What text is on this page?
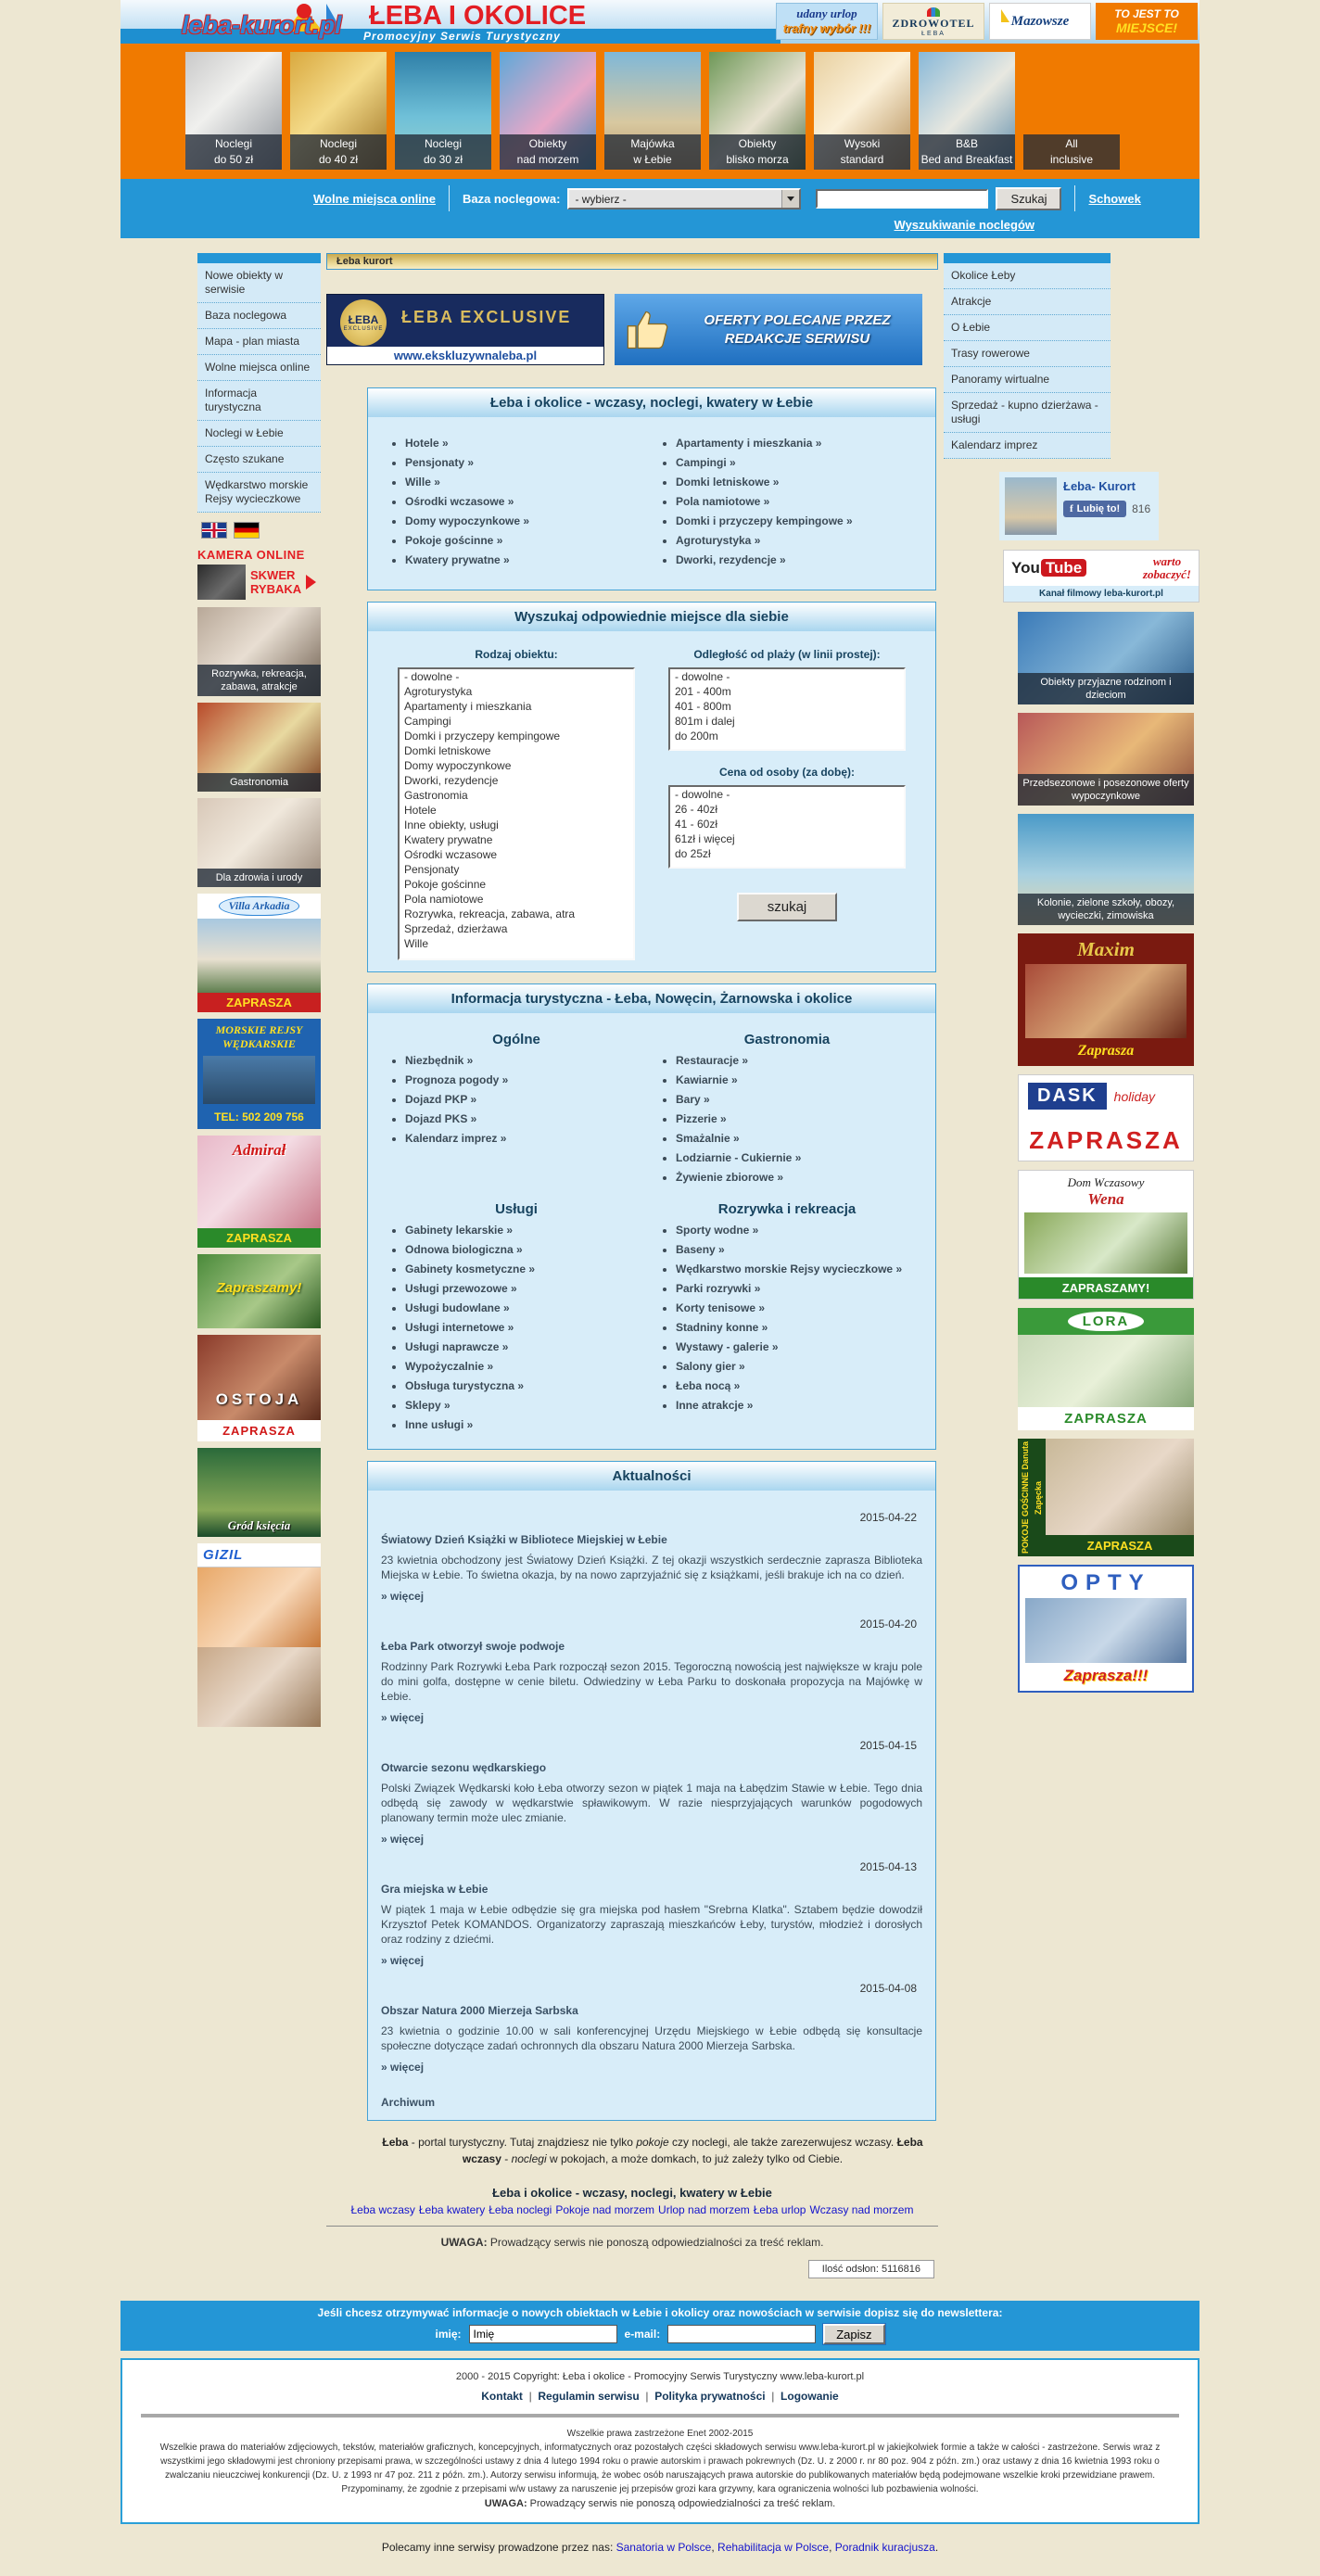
leba-kurort.pl ŁEBA I OKOLICE
Promocyjny Serwis Turystyczny
udany urlop
trafny wybór !!!	ZDROWOTEL
ŁEBA
Mazowsze	TO JEST TO
MIEJSCE!
Noclegi
do 50 zł
Noclegi
do 40 zł
Noclegi
do 30 zł
Obiekty
nad morzem
Majówka
w Łebie
Obiekty
blisko morza
Wysoki
standard
B&B
Bed and Breakfast
All
inclusive
Wolne miejsca online Baza noclegowa:	- wybierz -	Szukaj	Schowek
Wyszukiwanie noclegów
Nowe obiekty w serwisie
Baza noclegowa
Mapa - plan miasta
Wolne miejsca online
Informacja turystyczna
Noclegi w Łebie
Często szukane
Wędkarstwo morskie Rejsy wycieczkowe
KAMERA ONLINE
SKWER
RYBAKA
Rozrywka, rekreacja, zabawa, atrakcje
Gastronomia
Dla zdrowia i urody
Villa Arkadia
ZAPRASZA
MORSKIE REJSY
WĘDKARSKIE
TEL: 502 209 756
Admirał
ZAPRASZA
Zapraszamy!
OSTOJA
ZAPRASZA
Gród księcia
GIZIL
Łeba kurort
ŁEBA
EXCLUSIVE
ŁEBA EXCLUSIVE
www.ekskluzywnaleba.pl
OFERTY POLECANE PRZEZ
REDAKCJE SERWISU
Łeba i okolice - wczasy, noclegi, kwatery w Łebie
• Hotele »
• Pensjonaty »
• Wille »
• Ośrodki wczasowe »
• Domy wypoczynkowe »
• Pokoje gościnne »
• Kwatery prywatne »
• Apartamenty i mieszkania »
• Campingi »
• Domki letniskowe »
• Pola namiotowe »
• Domki i przyczepy kempingowe »
• Agroturystyka »
• Dworki, rezydencje »
Wyszukaj odpowiednie miejsce dla siebie
Rodzaj obiektu:
- dowolne -
Agroturystyka
Apartamenty i mieszkania
Campingi
Domki i przyczepy kempingowe
Domki letniskowe
Domy wypoczynkowe
Dworki, rezydencje
Gastronomia
Hotele
Inne obiekty, usługi
Kwatery prywatne
Ośrodki wczasowe
Pensjonaty
Pokoje gościnne
Pola namiotowe
Rozrywka, rekreacja, zabawa, atra
Sprzedaż, dzierżawa
Wille
Odległość od plaży (w linii prostej):
- dowolne -
201 - 400m
401 - 800m
801m i dalej
do 200m
Cena od osoby (za dobę):
- dowolne -
26 - 40zł
41 - 60zł
61zł i więcej
do 25zł
szukaj
Informacja turystyczna - Łeba, Nowęcin, Żarnowska i okolice
Ogólne
• Niezbędnik »
• Prognoza pogody »
• Dojazd PKP »
• Dojazd PKS »
• Kalendarz imprez »
Gastronomia
• Restauracje »
• Kawiarnie »
• Bary »
• Pizzerie »
• Smażalnie »
• Lodziarnie - Cukiernie »
• Żywienie zbiorowe »
Usługi
• Gabinety lekarskie »
• Odnowa biologiczna »
• Gabinety kosmetyczne »
• Usługi przewozowe »
• Usługi budowlane »
• Usługi internetowe »
• Usługi naprawcze »
• Wypożyczalnie »
• Obsługa turystyczna »
• Sklepy »
• Inne usługi »
Rozrywka i rekreacja
• Sporty wodne »
• Baseny »
• Wędkarstwo morskie Rejsy wycieczkowe »
• Parki rozrywki »
• Korty tenisowe »
• Stadniny konne »
• Wystawy - galerie »
• Salony gier »
• Łeba nocą »
• Inne atrakcje »
Aktualności
2015-04-22
Światowy Dzień Książki w Bibliotece Miejskiej w Łebie
23 kwietnia obchodzony jest Światowy Dzień Książki. Z tej okazji wszystkich serdecznie zaprasza Biblioteka Miejska w Łebie. To świetna okazja, by na nowo zaprzyjaźnić się z książkami, jeśli brakuje ich na co dzień.
» więcej
2015-04-20
Łeba Park otworzył swoje podwoje
Rodzinny Park Rozrywki Łeba Park rozpoczął sezon 2015. Tegoroczną nowością jest największe w kraju pole do mini golfa, dostępne w cenie biletu. Odwiedziny w Łeba Parku to doskonała propozycja na Majówkę w Łebie.
» więcej
2015-04-15
Otwarcie sezonu wędkarskiego
Polski Związek Wędkarski koło Łeba otworzy sezon w piątek 1 maja na Łabędzim Stawie w Łebie. Tego dnia odbędą się zawody w wędkarstwie spławikowym. W razie niesprzyjających warunków pogodowych planowany termin może ulec zmianie.
» więcej
2015-04-13
Gra miejska w Łebie
W piątek 1 maja w Łebie odbędzie się gra miejska pod hasłem "Srebrna Klatka". Sztabem będzie dowodził Krzysztof Petek KOMANDOS. Organizatorzy zapraszają mieszkańców Łeby, turystów, młodzież i dorosłych oraz rodziny z dziećmi.
» więcej
2015-04-08
Obszar Natura 2000 Mierzeja Sarbska
23 kwietnia o godzinie 10.00 w sali konferencyjnej Urzędu Miejskiego w Łebie odbędą się konsultacje społeczne dotyczące zadań ochronnych dla obszaru Natura 2000 Mierzeja Sarbska.
» więcej
Archiwum
Łeba - portal turystyczny. Tutaj znajdziesz nie tylko pokoje czy noclegi, ale także zarezerwujesz wczasy. Łeba wczasy - noclegi w pokojach, a może domkach, to już zależy tylko od Ciebie.
Łeba i okolice - wczasy, noclegi, kwatery w Łebie
Łeba wczasy Łeba kwatery Łeba noclegi Pokoje nad morzem Urlop nad morzem Łeba urlop Wczasy nad morzem
UWAGA: Prowadzący serwis nie ponoszą odpowiedzialności za treść reklam.
Ilość odsłon: 5116816
Okolice Łeby
Atrakcje
O Łebie
Trasy rowerowe
Panoramy wirtualne
Sprzedaż - kupno dzierżawa - usługi
Kalendarz imprez
Łeba- Kurort
f Lubię to!	816
You Tube	warto
zobaczyć!
Kanał filmowy leba-kurort.pl
Obiekty przyjazne rodzinom i dzieciom
Przedsezonowe i posezonowe oferty wypoczynkowe
Kolonie, zielone szkoły, obozy, wycieczki, zimowiska
Maxim
Zaprasza
DASK holiday
ZAPRASZA
Dom Wczasowy
Wena
ZAPRASZAMY!
LORA
ZAPRASZA
POKOJE GOŚCINNE Danuta Zapęcka
ZAPRASZA
OPTY
Zaprasza!!!
Jeśli chcesz otrzymywać informacje o nowych obiektach w Łebie i okolicy oraz nowościach w serwisie dopisz się do newslettera:
imię:
Imię	e-mail:	Zapisz
2000 - 2015 Copyright: Łeba i okolice - Promocyjny Serwis Turystyczny www.leba-kurort.pl
Kontakt | Regulamin serwisu | Polityka prywatności | Logowanie
Wszelkie prawa zastrzeżone Enet 2002-2015
Wszelkie prawa do materiałów zdjęciowych, tekstów, materiałów graficznych, koncepcyjnych, informatycznych oraz pozostałych części składowych serwisu www.leba-kurort.pl w jakiejkolwiek formie a także w całości - zastrzeżone. Serwis wraz z wszystkimi jego składowymi jest chroniony przepisami prawa, w szczególności ustawy z dnia 4 lutego 1994 roku o prawie autorskim i prawach pokrewnych (Dz. U. z 2000 r. nr 80 poz. 904 z późn. zm.) oraz ustawy z dnia 16 kwietnia 1993 roku o zwalczaniu nieuczciwej konkurencji (Dz. U. z 1993 nr 47 poz. 211 z późn. zm.). Autorzy serwisu informują, że wobec osób naruszających prawa autorskie do publikowanych materiałów będą podejmowane wszelkie kroki przewidziane prawem. Przypominamy, że zgodnie z przepisami w/w ustawy za naruszenie jej przepisów grozi kara grzywny, kara ograniczenia wolności lub pozbawienia wolności.
UWAGA: Prowadzący serwis nie ponoszą odpowiedzialności za treść reklam.
Polecamy inne serwisy prowadzone przez nas: Sanatoria w Polsce , Rehabilitacja w Polsce , Poradnik kuracjusza .
